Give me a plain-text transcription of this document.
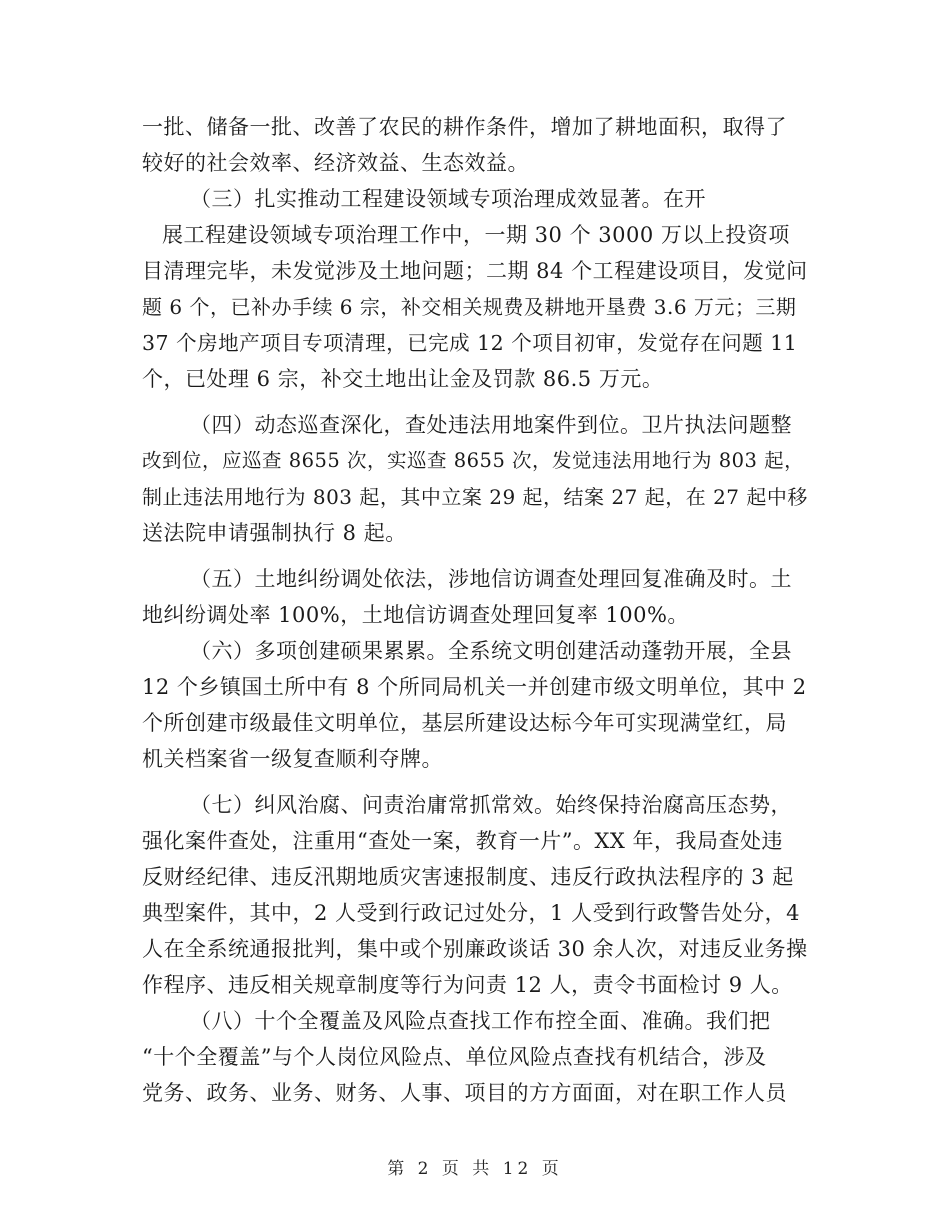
一批、储备一批、改善了农民的耕作条件，增加了耕地面积，取得了
较好的社会效率、经济效益、生态效益。
（三）扎实推动工程建设领域专项治理成效显著。在开
展工程建设领域专项治理工作中，一期 30 个 3000 万以上投资项
目清理完毕，未发觉涉及土地问题；二期 84 个工程建设项目，发觉问
题 6 个，已补办手续 6 宗，补交相关规费及耕地开垦费 3.6 万元；三期
37 个房地产项目专项清理，已完成 12 个项目初审，发觉存在问题 11
个，已处理 6 宗，补交土地出让金及罚款 86.5 万元。
（四）动态巡查深化，查处违法用地案件到位。卫片执法问题整
改到位，应巡查 8655 次，实巡查 8655 次，发觉违法用地行为 803 起，
制止违法用地行为 803 起，其中立案 29 起，结案 27 起，在 27 起中移
送法院申请强制执行 8 起。
（五）土地纠纷调处依法，涉地信访调查处理回复准确及时。土
地纠纷调处率 100%，土地信访调查处理回复率 100%。
（六）多项创建硕果累累。全系统文明创建活动蓬勃开展，全县
12 个乡镇国土所中有 8 个所同局机关一并创建市级文明单位，其中 2
个所创建市级最佳文明单位，基层所建设达标今年可实现满堂红，局
机关档案省一级复查顺利夺牌。
（七）纠风治腐、问责治庸常抓常效。始终保持治腐高压态势，
强化案件查处，注重用“查处一案，教育一片”。XX 年，我局查处违
反财经纪律、违反汛期地质灾害速报制度、违反行政执法程序的 3 起
典型案件，其中，2 人受到行政记过处分，1 人受到行政警告处分，4
人在全系统通报批判，集中或个别廉政谈话 30 余人次，对违反业务操
作程序、违反相关规章制度等行为问责 12 人，责令书面检讨 9 人。
（八）十个全覆盖及风险点查找工作布控全面、准确。我们把
“十个全覆盖”与个人岗位风险点、单位风险点查找有机结合，涉及
党务、政务、业务、财务、人事、项目的方方面面，对在职工作人员
第 2 页 共 12 页
